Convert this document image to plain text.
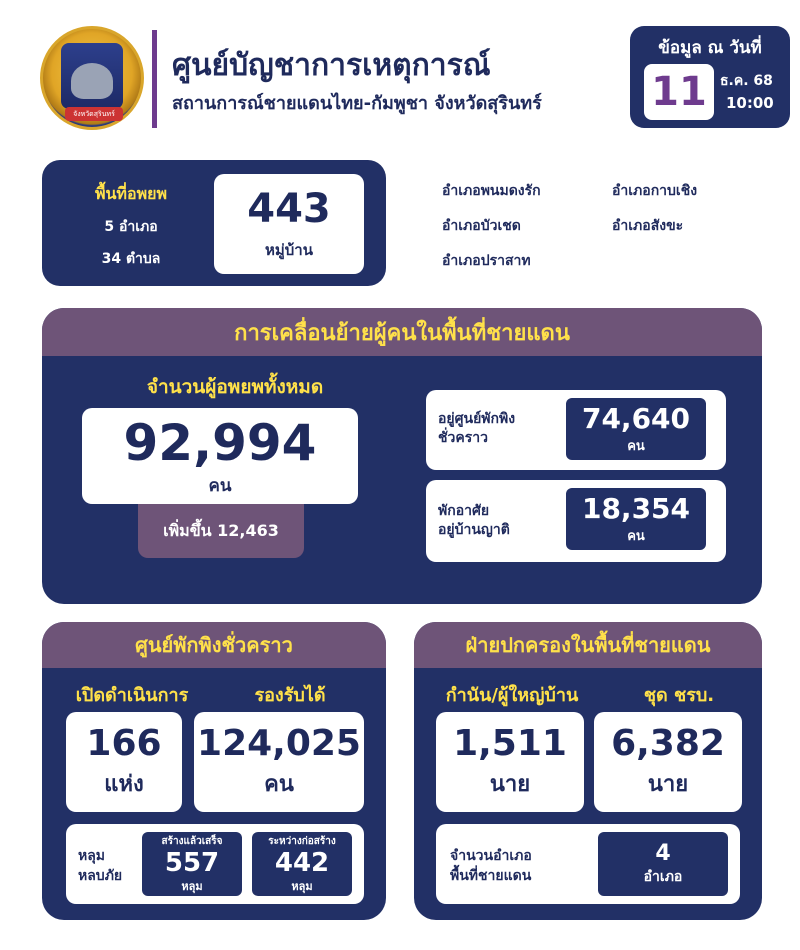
จังหวัดสุรินทร์
ศูนย์บัญชาการเหตุการณ์
สถานการณ์ชายแดนไทย-กัมพูชา จังหวัดสุรินทร์
ข้อมูล ณ วันที่
11 ธ.ค. 68
10:00
พื้นที่อพยพ
5 อำเภอ
34 ตำบล
443
หมู่บ้าน
อำเภอพนมดงรัก	อำเภอกาบเชิง
อำเภอบัวเชด	อำเภอสังขะ
อำเภอปราสาท
การเคลื่อนย้ายผู้คนในพื้นที่ชายแดน
จำนวนผู้อพยพทั้งหมด
92,994
คน
เพิ่มขึ้น 12,463
อยู่ศูนย์พักพิง
ชั่วคราว
74,640
คน
พักอาศัย
อยู่บ้านญาติ
18,354
คน
ศูนย์พักพิงชั่วคราว
เปิดดำเนินการ	รองรับได้
166
แห่ง
124,025
คน
หลุม
หลบภัย
สร้างแล้วเสร็จ
557
หลุม
ระหว่างก่อสร้าง
442
หลุม
ฝ่ายปกครองในพื้นที่ชายแดน
กำนัน/ผู้ใหญ่บ้าน	ชุด ชรบ.
1,511
นาย
6,382
นาย
จำนวนอำเภอ
พื้นที่ชายแดน
4
อำเภอ
